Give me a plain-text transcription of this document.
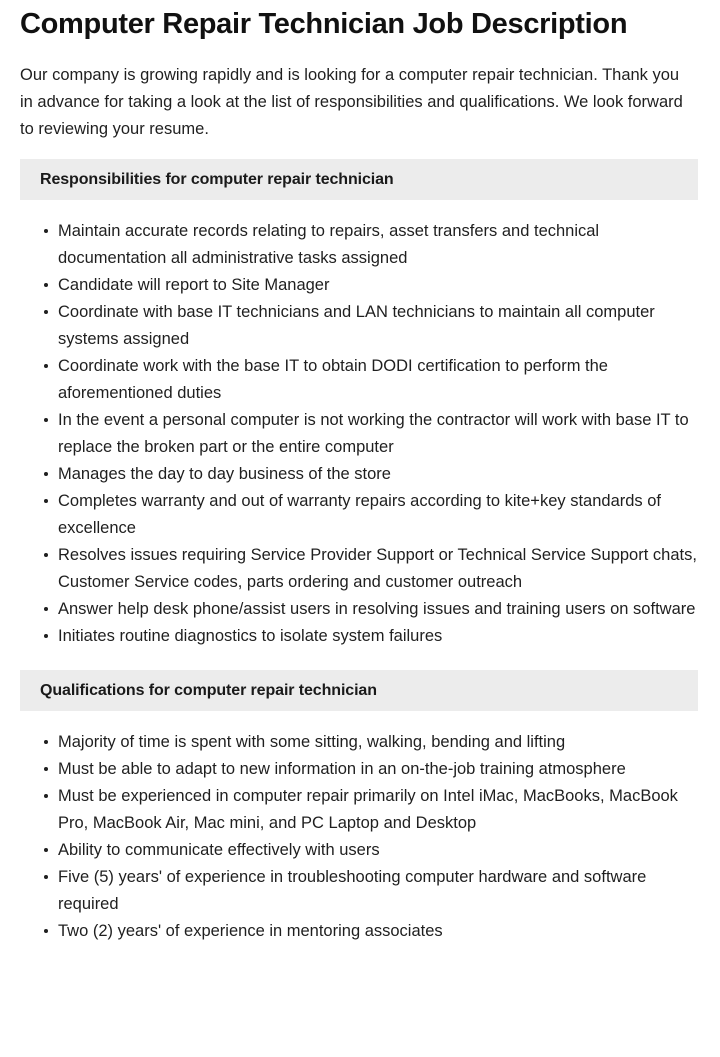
Computer Repair Technician Job Description

Our company is growing rapidly and is looking for a computer repair technician. Thank you in advance for taking a look at the list of responsibilities and qualifications. We look forward to reviewing your resume.

Responsibilities for computer repair technician
Maintain accurate records relating to repairs, asset transfers and technical documentation all administrative tasks assigned
Candidate will report to Site Manager
Coordinate with base IT technicians and LAN technicians to maintain all computer systems assigned
Coordinate work with the base IT to obtain DODI certification to perform the aforementioned duties
In the event a personal computer is not working the contractor will work with base IT to replace the broken part or the entire computer
Manages the day to day business of the store
Completes warranty and out of warranty repairs according to kite+key standards of excellence
Resolves issues requiring Service Provider Support or Technical Service Support chats, Customer Service codes, parts ordering and customer outreach
Answer help desk phone/assist users in resolving issues and training users on software
Initiates routine diagnostics to isolate system failures
Qualifications for computer repair technician
Majority of time is spent with some sitting, walking, bending and lifting
Must be able to adapt to new information in an on-the-job training atmosphere
Must be experienced in computer repair primarily on Intel iMac, MacBooks, MacBook Pro, MacBook Air, Mac mini, and PC Laptop and Desktop
Ability to communicate effectively with users
Five (5) years' of experience in troubleshooting computer hardware and software required
Two (2) years' of experience in mentoring associates
